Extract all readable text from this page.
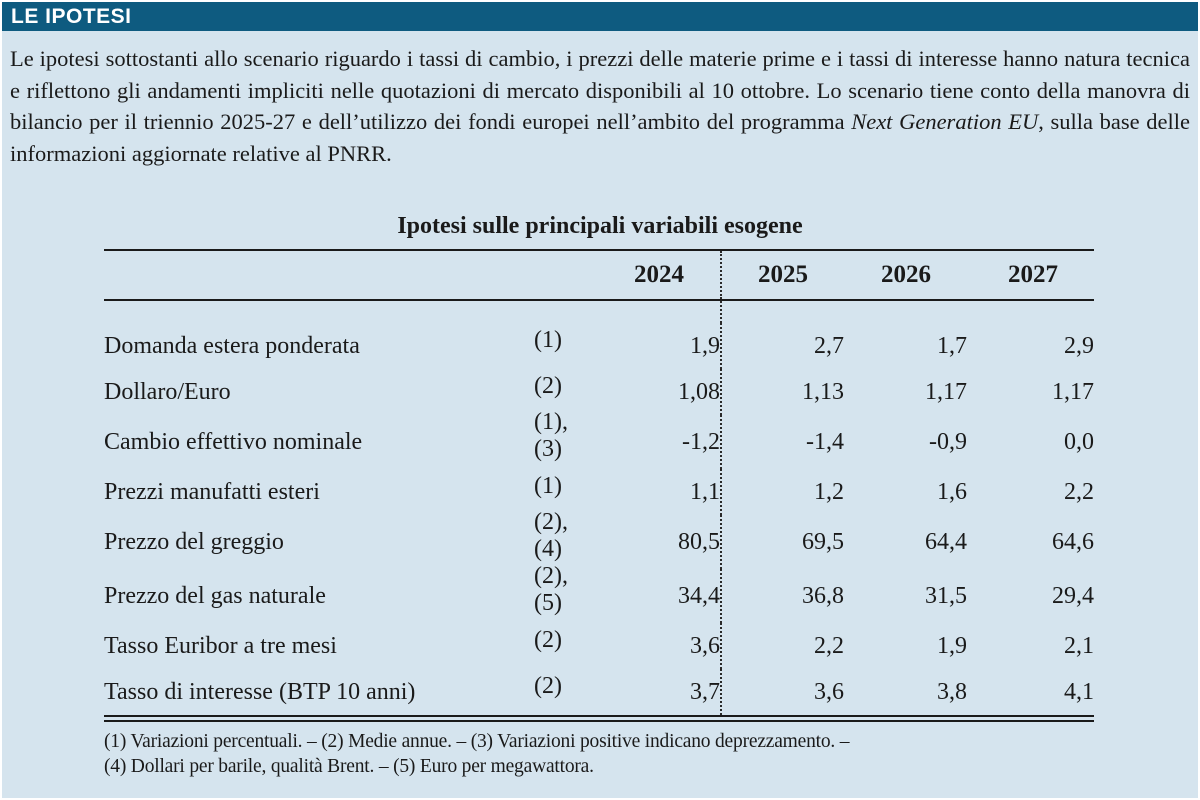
LE IPOTESI
Le ipotesi sottostanti allo scenario riguardo i tassi di cambio, i prezzi delle materie prime e i tassi di interesse hanno natura tecnica e riflettono gli andamenti impliciti nelle quotazioni di mercato disponibili al 10 ottobre. Lo scenario tiene conto della manovra di bilancio per il triennio 2025-27 e dell’utilizzo dei fondi europei nell’ambito del programma Next Generation EU, sulla base delle informazioni aggiornate relative al PNRR.
Ipotesi sulle principali variabili esogene
		2024	2025	2026	2027

Domanda estera ponderata	(1)	1,9	2,7	1,7	2,9
Dollaro/Euro	(2)	1,08	1,13	1,17	1,17
Cambio effettivo nominale	(1), (3)	-1,2	-1,4	-0,9	0,0
Prezzi manufatti esteri	(1)	1,1	1,2	1,6	2,2
Prezzo del greggio	(2), (4)	80,5	69,5	64,4	64,6
Prezzo del gas naturale	(2), (5)	34,4	36,8	31,5	29,4
Tasso Euribor a tre mesi	(2)	3,6	2,2	1,9	2,1
Tasso di interesse (BTP 10 anni)	(2)	3,7	3,6	3,8	4,1
(1) Variazioni percentuali. – (2) Medie annue. – (3) Variazioni positive indicano deprezzamento. –
(4) Dollari per barile, qualità Brent. – (5) Euro per megawattora.
